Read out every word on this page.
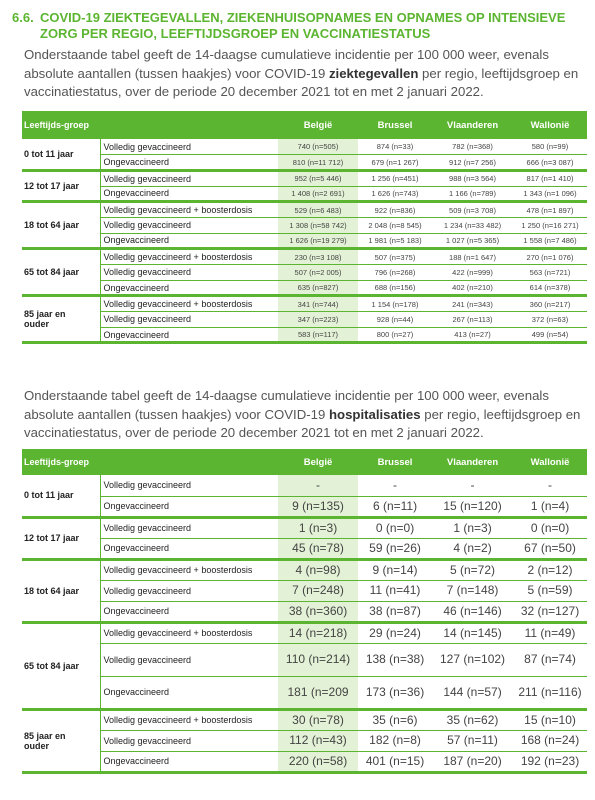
6.6. COVID-19 ZIEKTEGEVALLEN, ZIEKENHUISOPNAMES EN OPNAMES OP INTENSIEVE ZORG PER REGIO, LEEFTIJDSGROEP EN VACCINATIESTATUS

Onderstaande tabel geeft de 14-daagse cumulatieve incidentie per 100 000 weer, evenals absolute aantallen (tussen haakjes) voor COVID-19 ziektegevallen per regio, leeftijdsgroep en vaccinatiestatus, over de periode 20 december 2021 tot en met 2 januari 2022.

Leeftijds-groep		België	Brussel	Vlaanderen	Wallonië
0 tot 11 jaar	Volledig gevaccineerd	740 (n=505)	874 (n=33)	782 (n=368)	580 (n=99)
	Ongevaccineerd	810 (n=11 712)	679 (n=1 267)	912 (n=7 256)	666 (n=3 087)
12 tot 17 jaar	Volledig gevaccineerd	952 (n=5 446)	1 256 (n=451)	988 (n=3 564)	817 (n=1 410)
	Ongevaccineerd	1 408 (n=2 691)	1 626 (n=743)	1 166 (n=789)	1 343 (n=1 096)
18 tot 64 jaar	Volledig gevaccineerd + boosterdosis	529 (n=6 483)	922 (n=836)	509 (n=3 708)	478 (n=1 897)
	Volledig gevaccineerd	1 308 (n=58 742)	2 048 (n=8 545)	1 234 (n=33 482)	1 250 (n=16 271)
	Ongevaccineerd	1 626 (n=19 279)	1 981 (n=5 183)	1 027 (n=5 365)	1 558 (n=7 486)
65 tot 84 jaar	Volledig gevaccineerd + boosterdosis	230 (n=3 108)	507 (n=375)	188 (n=1 647)	270 (n=1 076)
	Volledig gevaccineerd	507 (n=2 005)	796 (n=268)	422 (n=999)	563 (n=721)
	Ongevaccineerd	635 (n=827)	688 (n=156)	402 (n=210)	614 (n=378)

85 jaar en
ouder	Volledig gevaccineerd + boosterdosis	341 (n=744)	1 154 (n=178)	241 (n=343)	360 (n=217)
	Volledig gevaccineerd	347 (n=223)	928 (n=44)	267 (n=113)	372 (n=63)
	Ongevaccineerd	583 (n=117)	800 (n=27)	413 (n=27)	499 (n=54)

Onderstaande tabel geeft de 14-daagse cumulatieve incidentie per 100 000 weer, evenals absolute aantallen (tussen haakjes) voor COVID-19 hospitalisaties per regio, leeftijdsgroep en vaccinatiestatus, over de periode 20 december 2021 tot en met 2 januari 2022.

Leeftijds-groep		België	Brussel	Vlaanderen	Wallonië
0 tot 11 jaar	Volledig gevaccineerd	-	-	-	-
	Ongevaccineerd	9 (n=135)	6 (n=11)	15 (n=120)	1 (n=4)
12 tot 17 jaar	Volledig gevaccineerd	1 (n=3)	0 (n=0)	1 (n=3)	0 (n=0)
	Ongevaccineerd	45 (n=78)	59 (n=26)	4 (n=2)	67 (n=50)
18 tot 64 jaar	Volledig gevaccineerd + boosterdosis	4 (n=98)	9 (n=14)	5 (n=72)	2 (n=12)
	Volledig gevaccineerd	7 (n=248)	11 (n=41)	7 (n=148)	5 (n=59)
	Ongevaccineerd	38 (n=360)	38 (n=87)	46 (n=146)	32 (n=127)
65 tot 84 jaar	Volledig gevaccineerd + boosterdosis	14 (n=218)	29 (n=24)	14 (n=145)	11 (n=49)
	Volledig gevaccineerd	110 (n=214)	138 (n=38)	127 (n=102)	87 (n=74)
	Ongevaccineerd	181 (n=209	173 (n=36)	144 (n=57)	211 (n=116)

85 jaar en
ouder	Volledig gevaccineerd + boosterdosis	30 (n=78)	35 (n=6)	35 (n=62)	15 (n=10)
	Volledig gevaccineerd	112 (n=43)	182 (n=8)	57 (n=11)	168 (n=24)
	Ongevaccineerd	220 (n=58)	401 (n=15)	187 (n=20)	192 (n=23)
